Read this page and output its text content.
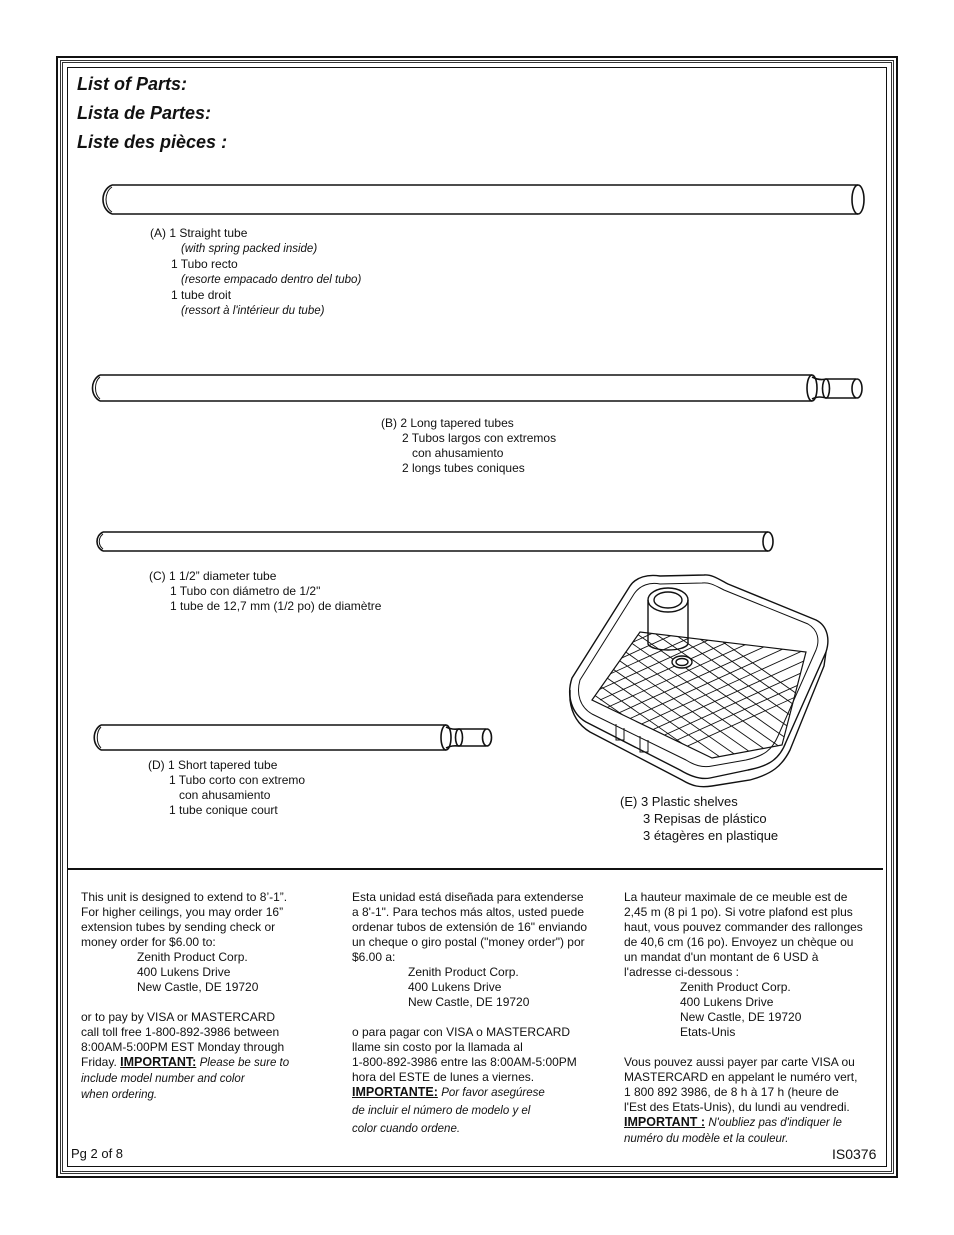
List of Parts:
Lista de Partes:
Liste des pièces :
(A) 1 Straight tube
(with spring packed inside)
1 Tubo recto
(resorte empacado dentro del tubo)
1 tube droit
(ressort à l'intérieur du tube)
(B) 2 Long tapered tubes
2 Tubos largos con extremos
con ahusamiento
2 longs tubes coniques
(C) 1 1/2” diameter tube
1 Tubo con diámetro de 1/2"
1 tube de 12,7 mm (1/2 po) de diamètre
(D) 1 Short tapered tube
1 Tubo corto con extremo
con ahusamiento
1 tube conique court
(E) 3 Plastic shelves
3 Repisas de plástico
3 étagères en plastique
This unit is designed to extend to 8’-1”.
For higher ceilings, you may order 16”
extension tubes by sending check or
money order for $6.00 to:
Zenith Product Corp.
400 Lukens Drive
New Castle, DE 19720
or to pay by VISA or MASTERCARD
call toll free 1-800-892-3986 between
8:00AM-5:00PM EST Monday through
Friday. IMPORTANT: Please be sure to
include model number and color
when ordering.
Esta unidad está diseñada para extenderse
a 8'-1". Para techos más altos, usted puede
ordenar tubos de extensión de 16" enviando
un cheque o giro postal ("money order") por
$6.00 a:
Zenith Product Corp.
400 Lukens Drive
New Castle, DE 19720
o para pagar con VISA o MASTERCARD
llame sin costo por la llamada al
1-800-892-3986 entre las 8:00AM-5:00PM
hora del ESTE de lunes a viernes.
IMPORTANTE: Por favor asegúrese
de incluir el número de modelo y el
color cuando ordene.
La hauteur maximale de ce meuble est de
2,45 m (8 pi 1 po). Si votre plafond est plus
haut, vous pouvez commander des rallonges
de 40,6 cm (16 po). Envoyez un chèque ou
un mandat d'un montant de 6 USD à
l'adresse ci-dessous :
Zenith Product Corp.
400 Lukens Drive
New Castle, DE 19720
Etats-Unis
Vous pouvez aussi payer par carte VISA ou
MASTERCARD en appelant le numéro vert,
1 800 892 3986, de 8 h à 17 h (heure de
l'Est des Etats-Unis), du lundi au vendredi.
IMPORTANT : N'oubliez pas d'indiquer le
numéro du modèle et la couleur.
Pg 2 of 8	IS0376
